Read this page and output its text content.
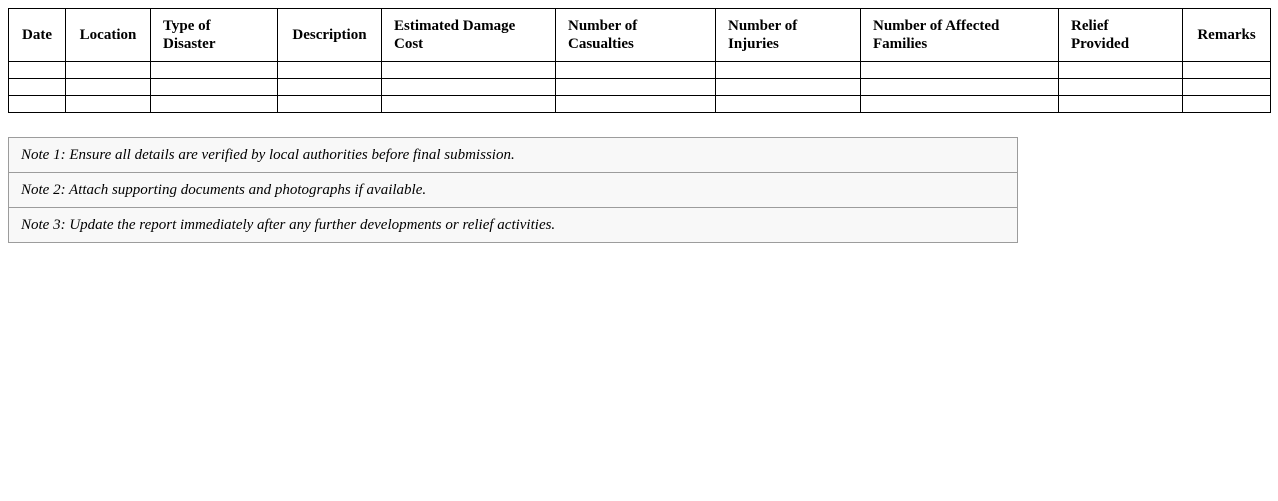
Date	Location	Type of Disaster	Description	Estimated Damage Cost	Number of Casualties	Number of Injuries	Number of Affected Families	Relief Provided	Remarks

Note 1: Ensure all details are verified by local authorities before final submission.
Note 2: Attach supporting documents and photographs if available.
Note 3: Update the report immediately after any further developments or relief activities.
